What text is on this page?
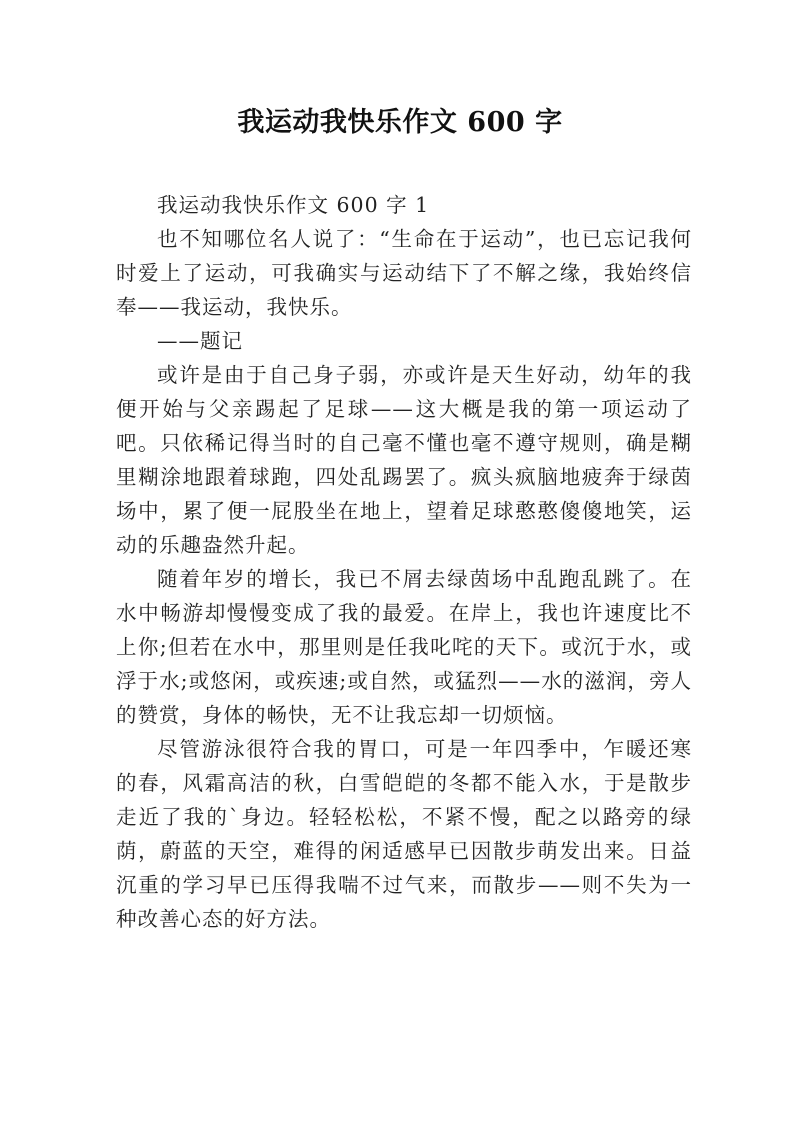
我运动我快乐作文 600 字

我运动我快乐作文 600 字 1

也不知哪位名人说了：“生命在于运动”，也已忘记我何时爱上了运动，可我确实与运动结下了不解之缘，我始终信奉——我运动，我快乐。

——题记

或许是由于自己身子弱，亦或许是天生好动，幼年的我便开始与父亲踢起了足球——这大概是我的第一项运动了吧。只依稀记得当时的自己毫不懂也毫不遵守规则，确是糊里糊涂地跟着球跑，四处乱踢罢了。疯头疯脑地疲奔于绿茵场中，累了便一屁股坐在地上，望着足球憨憨傻傻地笑，运动的乐趣盎然升起。

随着年岁的增长，我已不屑去绿茵场中乱跑乱跳了。在水中畅游却慢慢变成了我的最爱。在岸上，我也许速度比不上你;但若在水中，那里则是任我叱咤的天下。或沉于水，或浮于水;或悠闲，或疾速;或自然，或猛烈——水的滋润，旁人的赞赏，身体的畅快，无不让我忘却一切烦恼。

尽管游泳很符合我的胃口，可是一年四季中，乍暖还寒的春，风霜高洁的秋，白雪皑皑的冬都不能入水，于是散步走近了我的`身边。轻轻松松，不紧不慢，配之以路旁的绿荫，蔚蓝的天空，难得的闲适感早已因散步萌发出来。日益沉重的学习早已压得我喘不过气来，而散步——则不失为一种改善心态的好方法。
